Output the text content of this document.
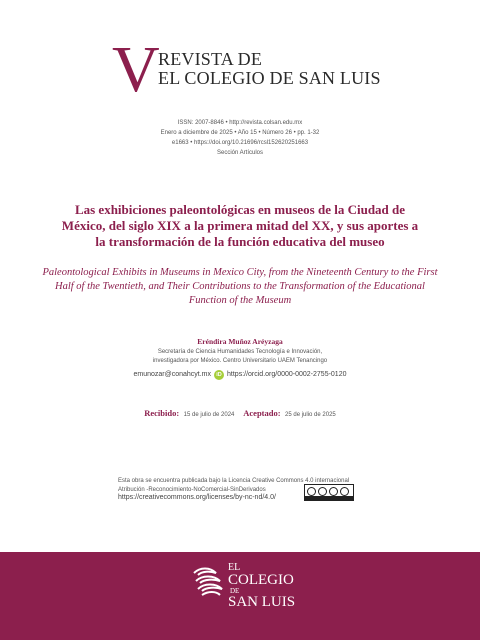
V
REVISTA DE
EL COLEGIO DE SAN LUIS
ISSN: 2007-8846 • http://revista.colsan.edu.mx
Enero a diciembre de 2025 • Año 15 • Número 26 • pp. 1-32
e1663 • https://doi.org/10.21696/rcsl152620251663
Sección Artículos
Las exhibiciones paleontológicas en museos de la Ciudad de México, del siglo XIX a la primera mitad del XX, y sus aportes a la transformación de la función educativa del museo
Paleontological Exhibits in Museums in Mexico City, from the Nineteenth Century to the First Half of the Twentieth, and Their Contributions to the Transformation of the Educational Function of the Museum
Eréndira Muñoz Aréyzaga
Secretaría de Ciencia Humanidades Tecnología e Innovación,
investigadora por México. Centro Universitario UAEM Tenancingo
emunozar@conahcyt.mx iD https://orcid.org/0000-0002-2755-0120
Recibido: 15 de julio de 2024 Aceptado: 25 de julio de 2025
Esta obra se encuentra publicada bajo la Licencia Creative Commons 4.0 internacional
Atribución -Reconocimiento-NoComercial-SinDerivados
https://creativecommons.org/licenses/by-nc-nd/4.0/
EL
COLEGIO
DE
SAN LUIS
